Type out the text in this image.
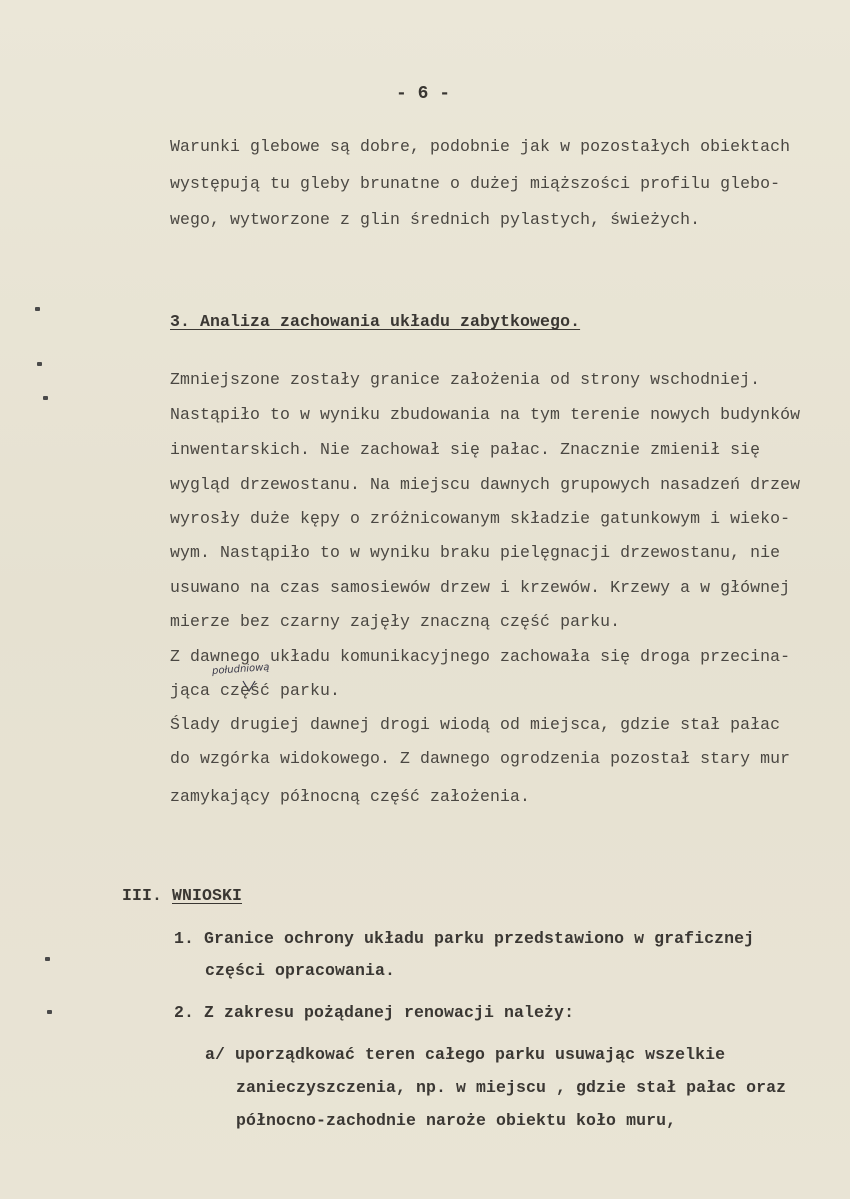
- 6 -
Warunki glebowe są dobre, podobnie jak w pozostałych obiektach
występują tu gleby brunatne o dużej miąższości profilu glebo-
wego, wytworzone z glin średnich pylastych, świeżych.
3. Analiza zachowania układu zabytkowego.
Zmniejszone zostały granice założenia od strony wschodniej.
Nastąpiło to w wyniku zbudowania na tym terenie nowych budynków
inwentarskich. Nie zachował się pałac. Znacznie zmienił się
wygląd drzewostanu. Na miejscu dawnych grupowych nasadzeń drzew
wyrosły duże kępy o zróżnicowanym składzie gatunkowym i wieko-
wym. Nastąpiło to w wyniku braku pielęgnacji drzewostanu, nie
usuwano na czas samosiewów drzew i krzewów. Krzewy a w głównej
mierze bez czarny zajęły znaczną część parku.
Z dawnego układu komunikacyjnego zachowała się droga przecina-
południową
jąca część parku.
Ślady drugiej dawnej drogi wiodą od miejsca, gdzie stał pałac
do wzgórka widokowego. Z dawnego ogrodzenia pozostał stary mur
zamykający północną część założenia.
III. WNIOSKI
1. Granice ochrony układu parku przedstawiono w graficznej
części opracowania.
2. Z zakresu pożądanej renowacji należy:
a/ uporządkować teren całego parku usuwając wszelkie
zanieczyszczenia, np. w miejscu , gdzie stał pałac oraz
północno-zachodnie naroże obiektu koło muru,
